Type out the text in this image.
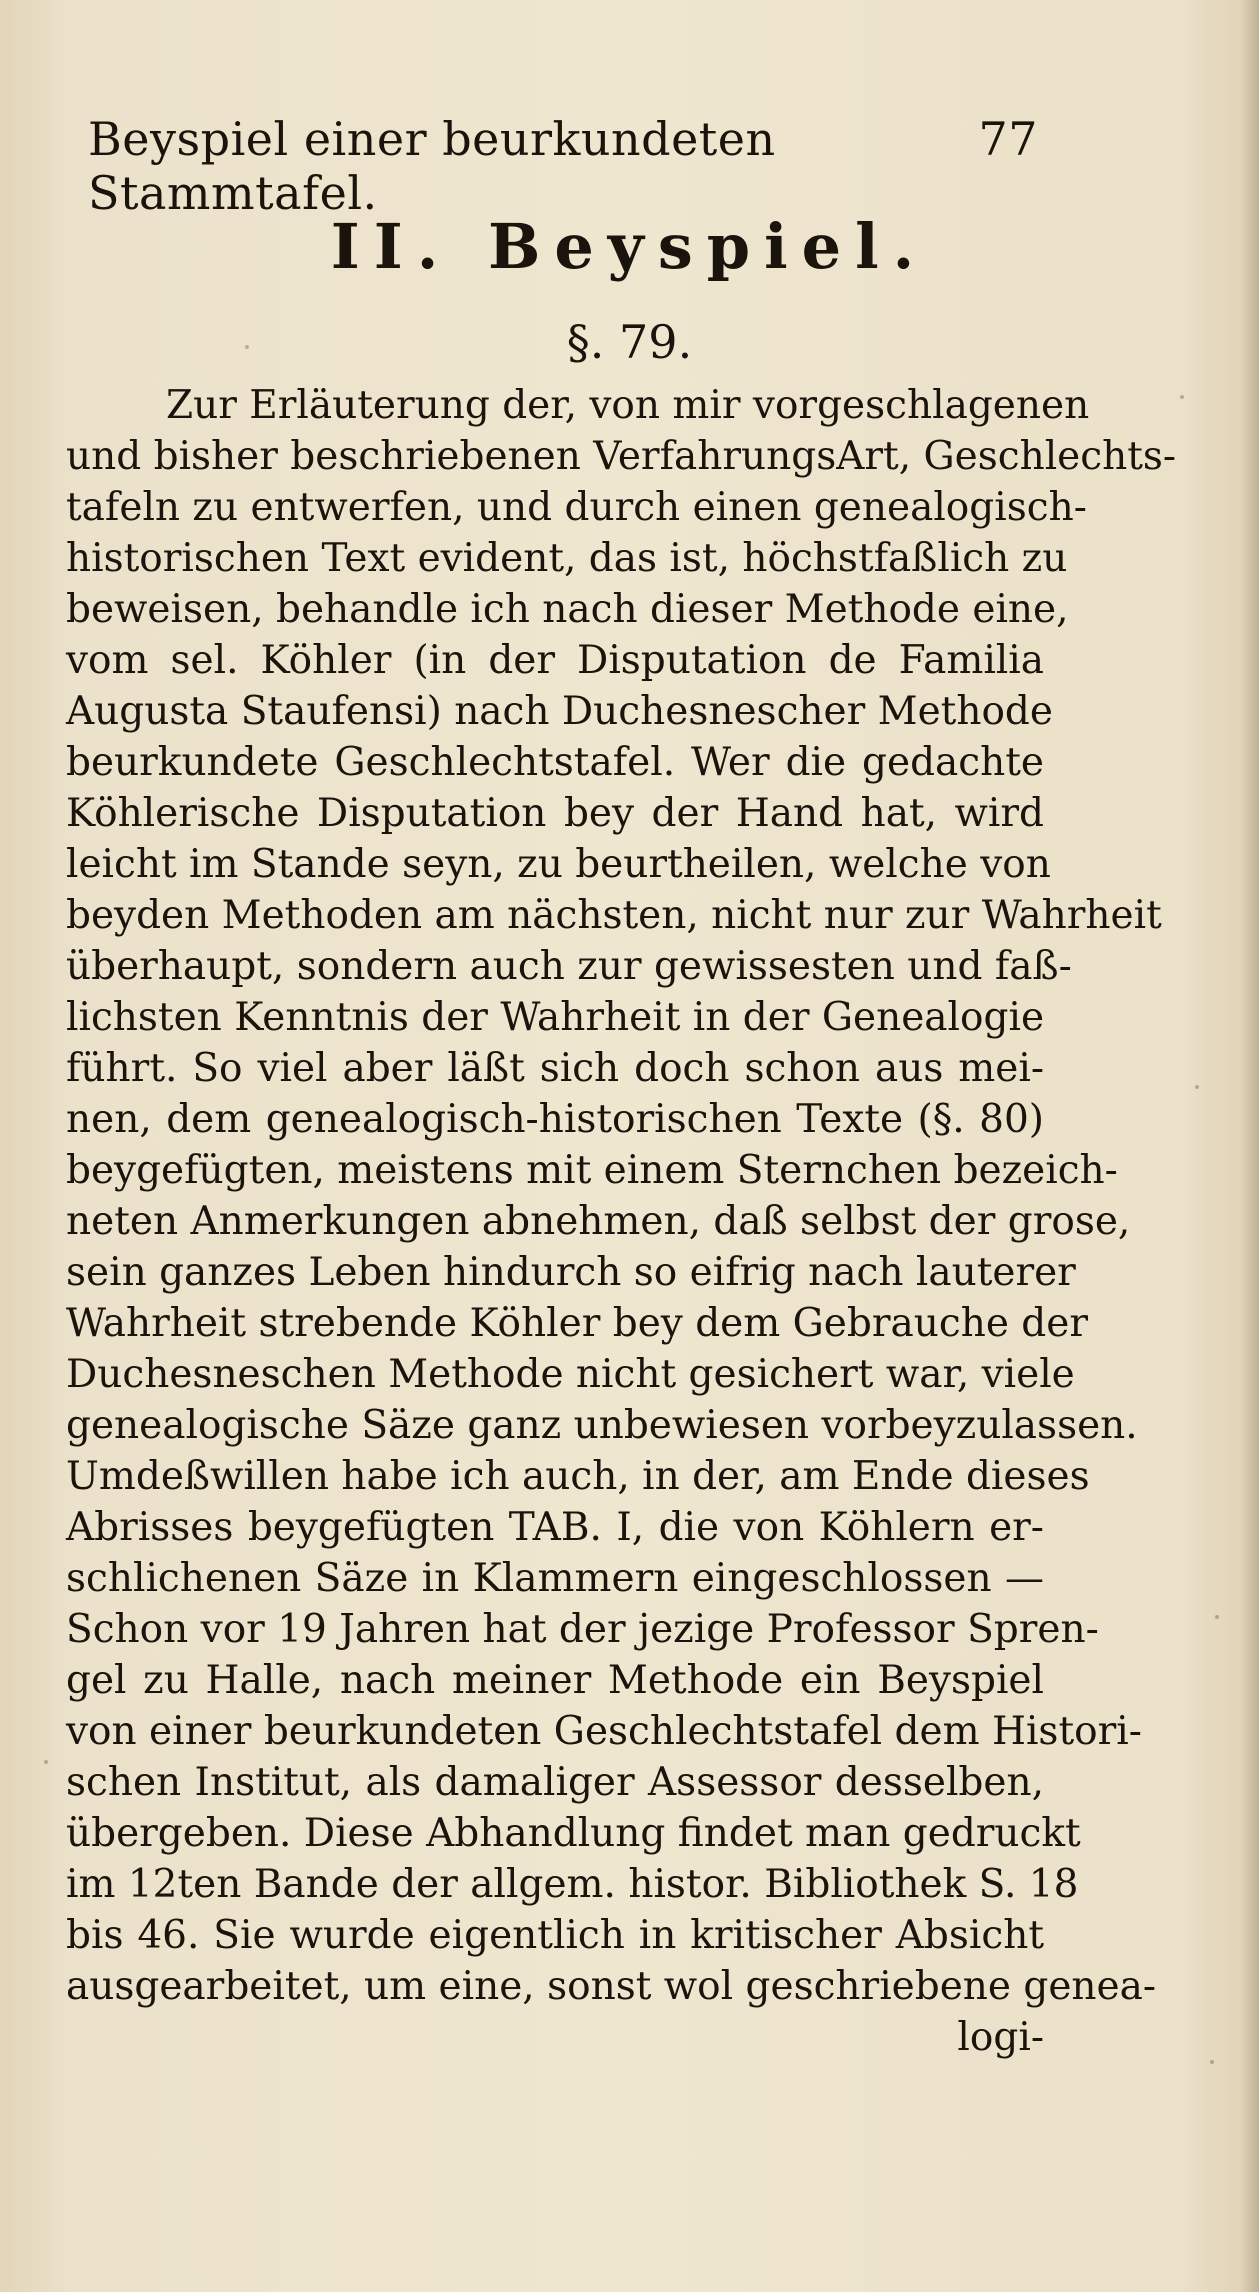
Beyspiel einer beurkundeten Stammtafel.
77
II. Beyspiel.
§. 79.
Zur Erläuterung der, von mir vorgeschlagenen
und bisher beschriebenen VerfahrungsArt, Geschlechts-
tafeln zu entwerfen, und durch einen genealogisch-
historischen Text evident, das ist, höchstfaßlich zu
beweisen, behandle ich nach dieser Methode eine,
vom sel. Köhler (in der Disputation de Familia
Augusta Staufensi) nach Duchesnescher Methode
beurkundete Geschlechtstafel. Wer die gedachte
Köhlerische Disputation bey der Hand hat, wird
leicht im Stande seyn, zu beurtheilen, welche von
beyden Methoden am nächsten, nicht nur zur Wahrheit
überhaupt, sondern auch zur gewissesten und faß-
lichsten Kenntnis der Wahrheit in der Genealogie
führt. So viel aber läßt sich doch schon aus mei-
nen, dem genealogisch-historischen Texte (§. 80)
beygefügten, meistens mit einem Sternchen bezeich-
neten Anmerkungen abnehmen, daß selbst der grose,
sein ganzes Leben hindurch so eifrig nach lauterer
Wahrheit strebende Köhler bey dem Gebrauche der
Duchesneschen Methode nicht gesichert war, viele
genealogische Säze ganz unbewiesen vorbeyzulassen.
Umdeßwillen habe ich auch, in der, am Ende dieses
Abrisses beygefügten TAB. I, die von Köhlern er-
schlichenen Säze in Klammern eingeschlossen —
Schon vor 19 Jahren hat der jezige Professor Spren-
gel zu Halle, nach meiner Methode ein Beyspiel
von einer beurkundeten Geschlechtstafel dem Histori-
schen Institut, als damaliger Assessor desselben,
übergeben. Diese Abhandlung findet man gedruckt
im 12ten Bande der allgem. histor. Bibliothek S. 18
bis 46. Sie wurde eigentlich in kritischer Absicht
ausgearbeitet, um eine, sonst wol geschriebene genea-
logi-
